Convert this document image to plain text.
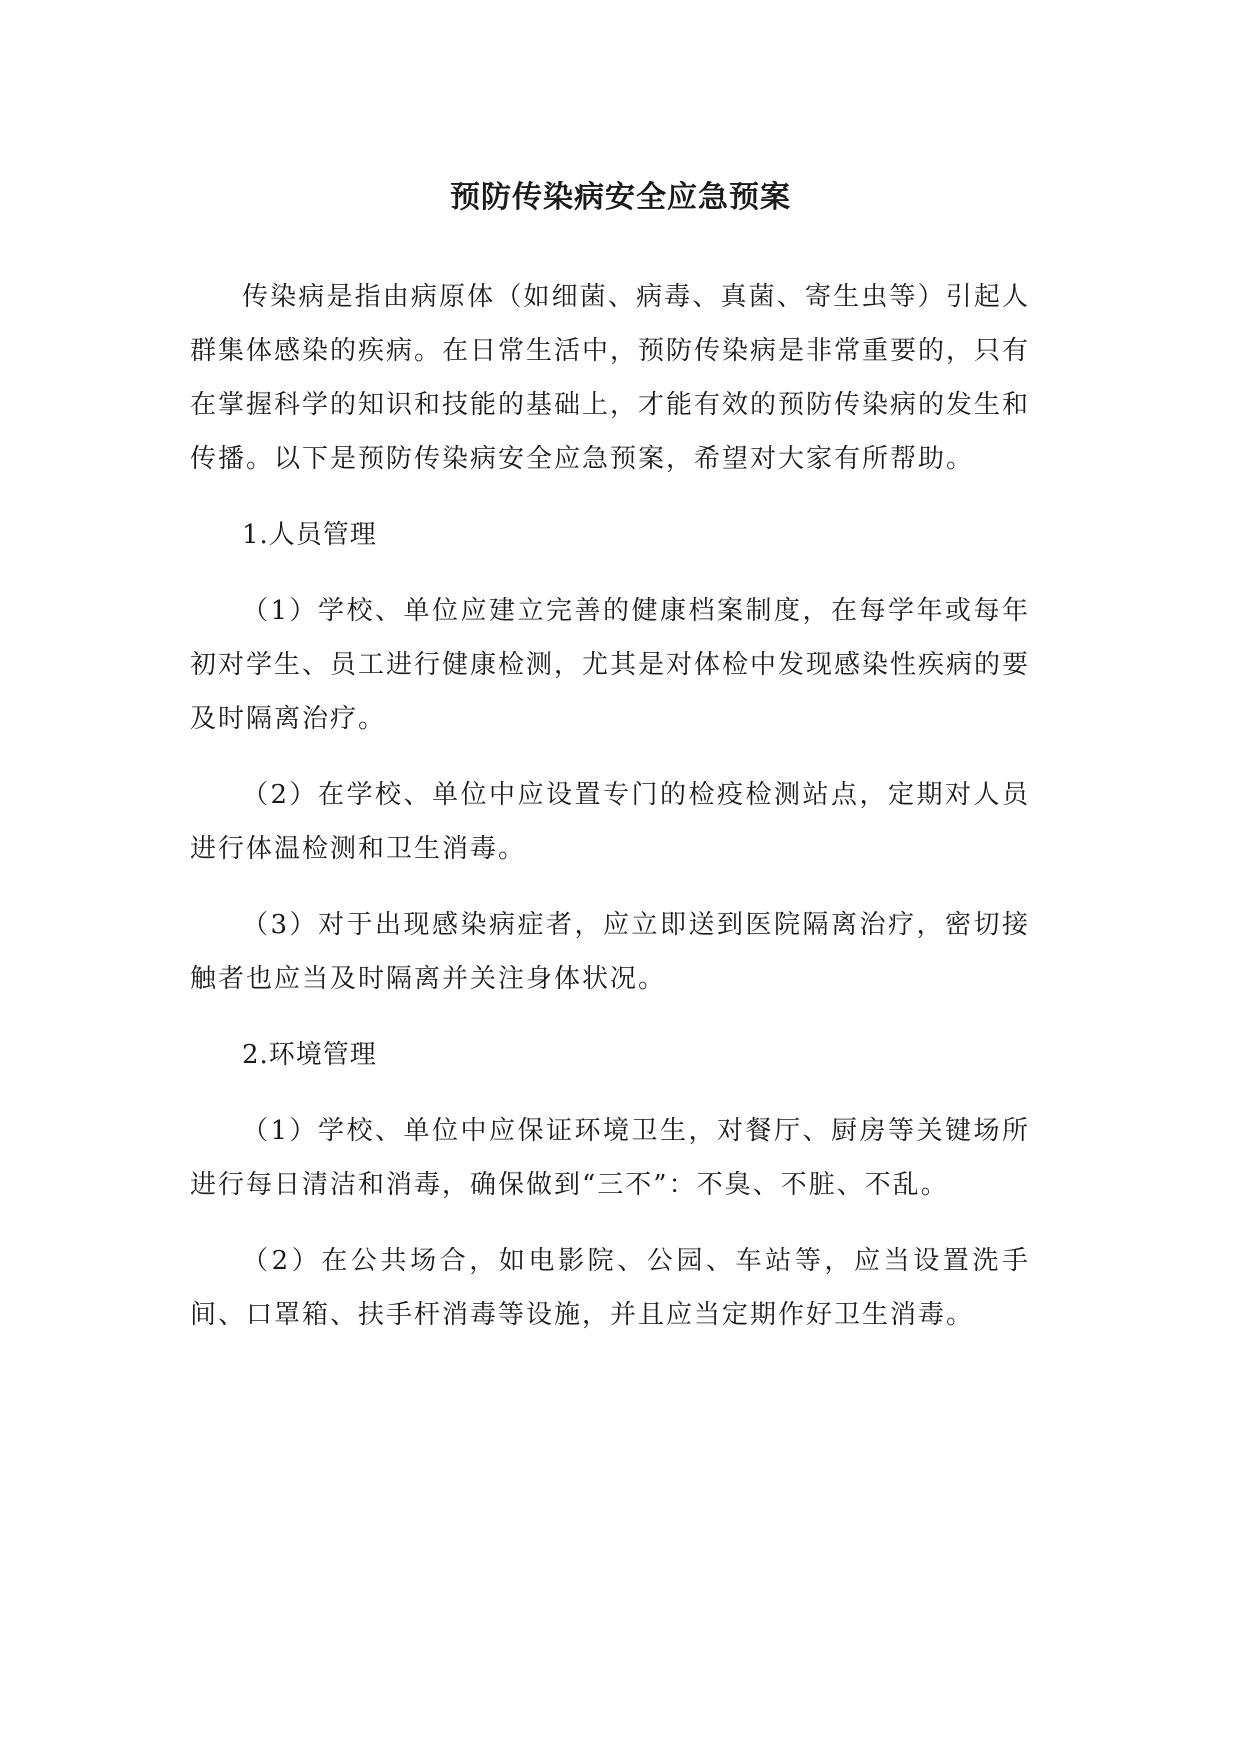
预防传染病安全应急预案

传染病是指由病原体（如细菌、病毒、真菌、寄生虫等）引起人群集体感染的疾病。在日常生活中，预防传染病是非常重要的，只有在掌握科学的知识和技能的基础上，才能有效的预防传染病的发生和传播。以下是预防传染病安全应急预案，希望对大家有所帮助。

1.人员管理

（1）学校、单位应建立完善的健康档案制度，在每学年或每年初对学生、员工进行健康检测，尤其是对体检中发现感染性疾病的要及时隔离治疗。

（2）在学校、单位中应设置专门的检疫检测站点，定期对人员进行体温检测和卫生消毒。

（3）对于出现感染病症者，应立即送到医院隔离治疗，密切接触者也应当及时隔离并关注身体状况。

2.环境管理

（1）学校、单位中应保证环境卫生，对餐厅、厨房等关键场所进行每日清洁和消毒，确保做到“三不”：不臭、不脏、不乱。

（2）在公共场合，如电影院、公园、车站等，应当设置洗手间、口罩箱、扶手杆消毒等设施，并且应当定期作好卫生消毒。
